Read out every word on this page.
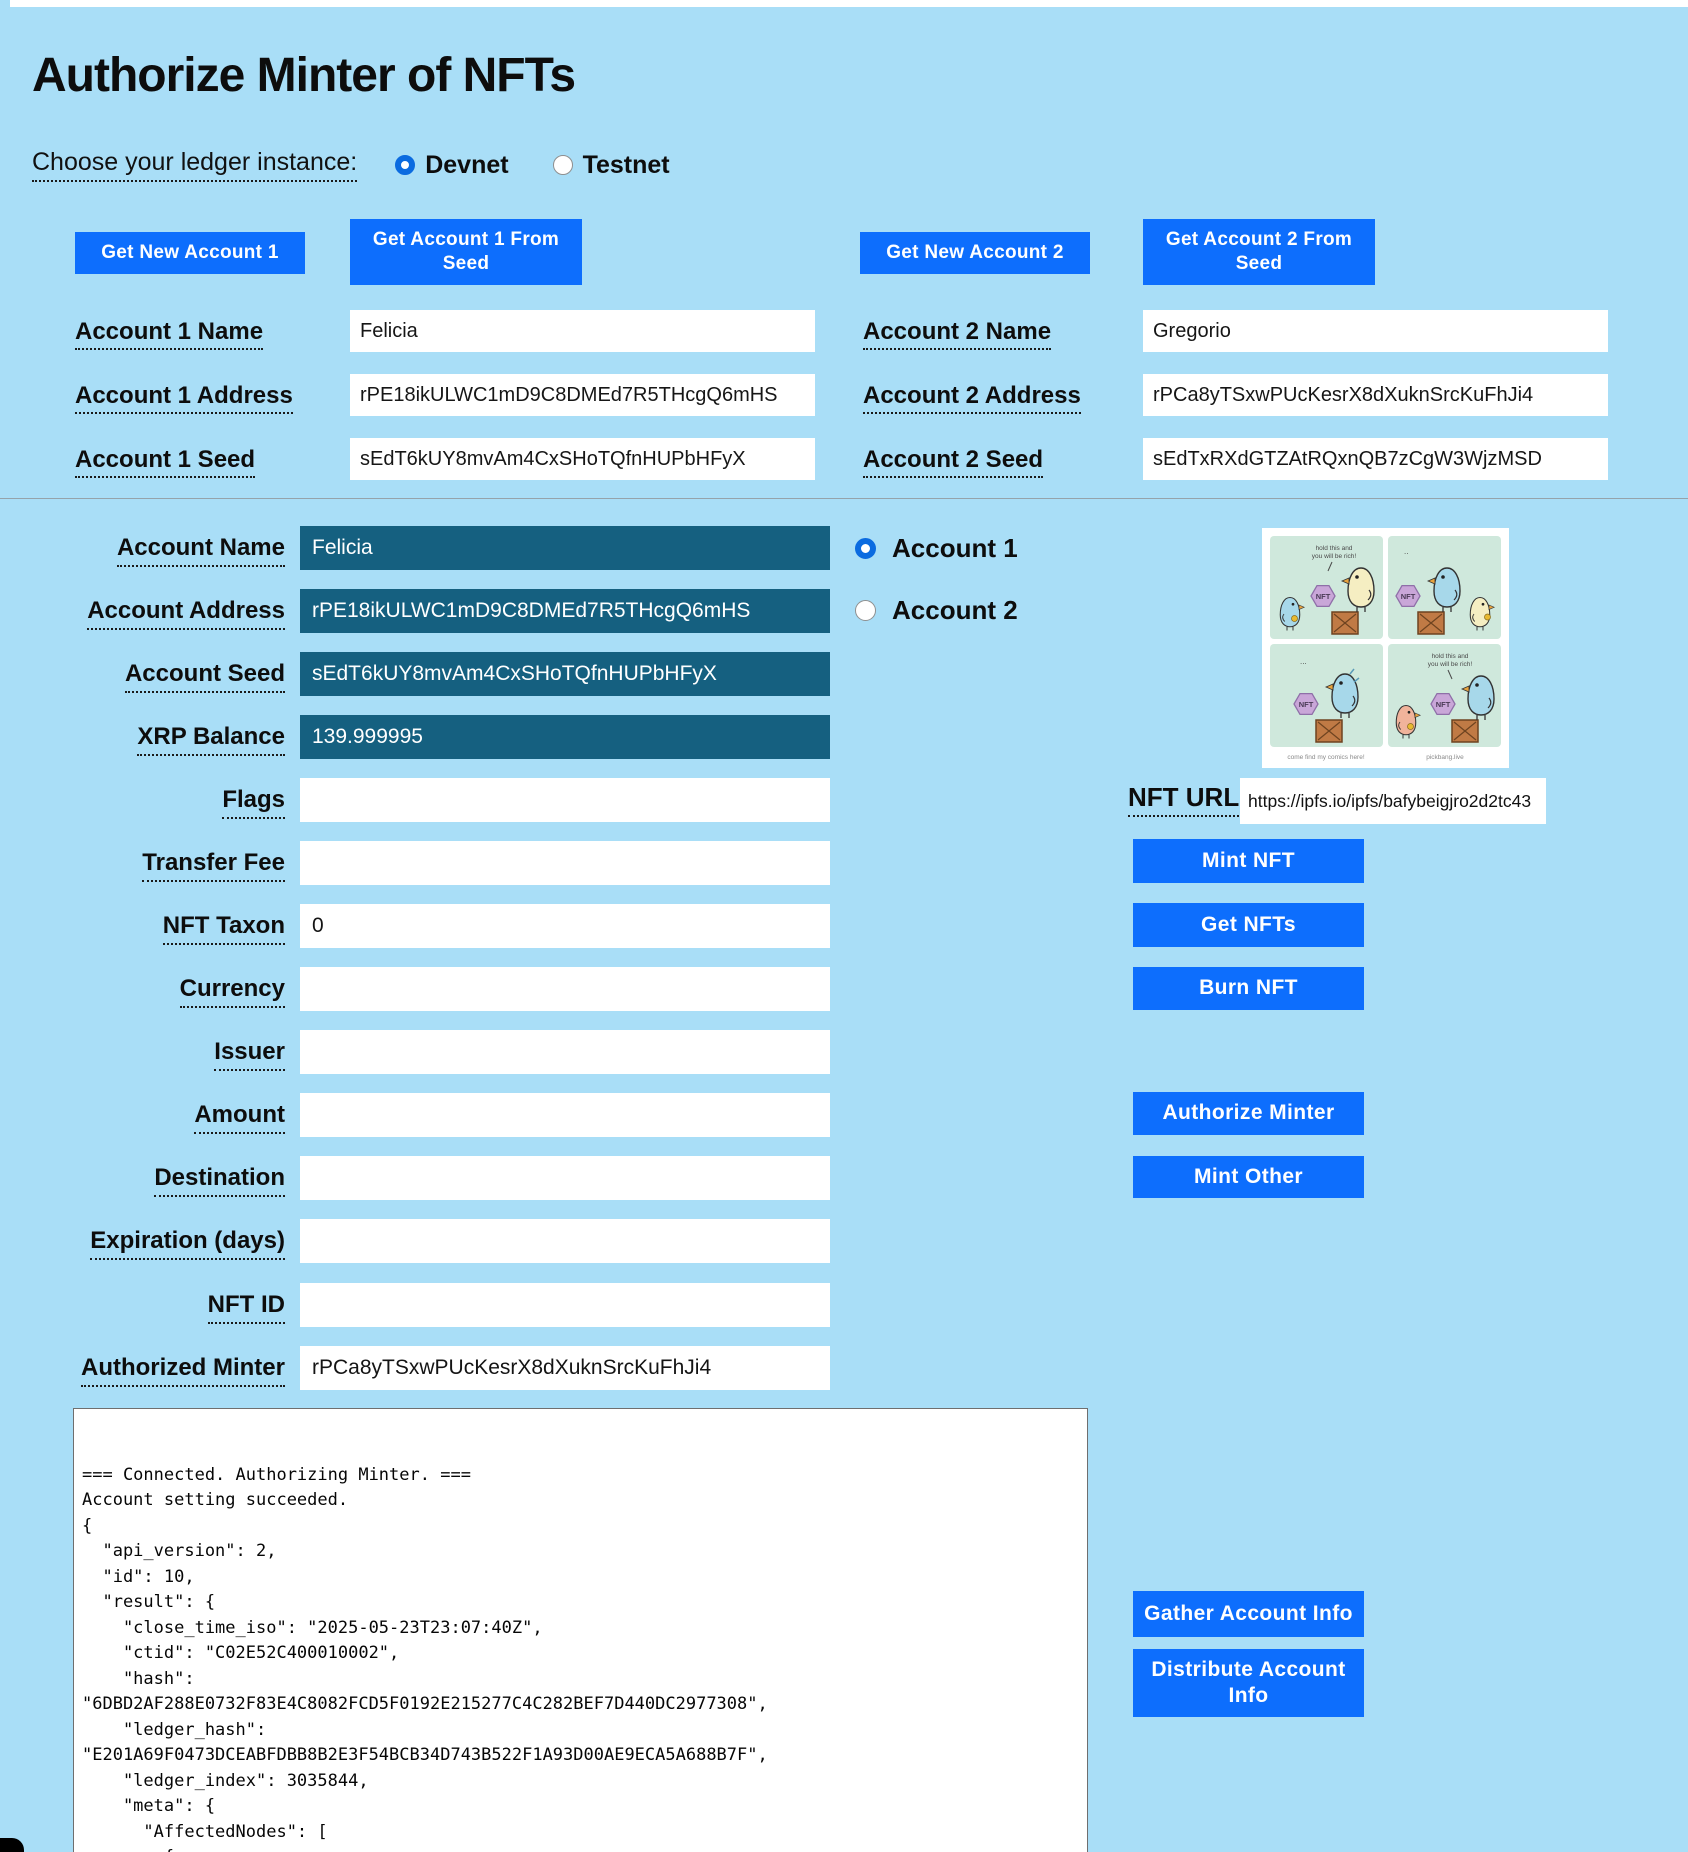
Authorize Minter of NFTs
Choose your ledger instance:	Devnet	Testnet
Get New Account 1
Get Account 1 From Seed
Get New Account 2
Get Account 2 From Seed
Account 1 Name	Felicia
Account 1 Address	rPE18ikULWC1mD9C8DMEd7R5THcgQ6mHS
Account 1 Seed	sEdT6kUY8mvAm4CxSHoTQfnHUPbHFyX
Account 2 Name	Gregorio
Account 2 Address	rPCa8yTSxwPUcKesrX8dXuknSrcKuFhJi4
Account 2 Seed	sEdTxRXdGTZAtRQxnQB7zCgW3WjzMSD
Account Name	Felicia
Account Address	rPE18ikULWC1mD9C8DMEd7R5THcgQ6mHS
Account Seed	sEdT6kUY8mvAm4CxSHoTQfnHUPbHFyX
XRP Balance	139.999995
Flags
Transfer Fee
NFT Taxon	0
Currency
Issuer
Amount
Destination
Expiration (days)
NFT ID
Authorized Minter	rPCa8yTSxwPUcKesrX8dXuknSrcKuFhJi4
Account 1
Account 2
hold this and
you will be rich!
NFT
..
NFT
...
NFT
hold this and
you will be rich!
NFT
come find my comics here!	pickbang.live
NFT URL https://ipfs.io/ipfs/bafybeigjro2d2tc43
Mint NFT
Get NFTs
Burn NFT
Authorize Minter
Mint Other
Gather Account Info
Distribute Account Info
=== Connected. Authorizing Minter. === Account setting succeeded. { "api_version": 2, "id": 10, "result": { "close_time_iso": "2025-05-23T23:07:40Z", "ctid": "C02E52C400010002", "hash": "6DBD2AF288E0732F83E4C8082FCD5F0192E215277C4C282BEF7D440DC2977308", "ledger_hash": "E201A69F0473DCEABFDBB8B2E3F54BCB34D743B522F1A93D00AE9ECA5A688B7F", "ledger_index": 3035844, "meta": { "AffectedNodes": [ { "ModifiedNode": {
